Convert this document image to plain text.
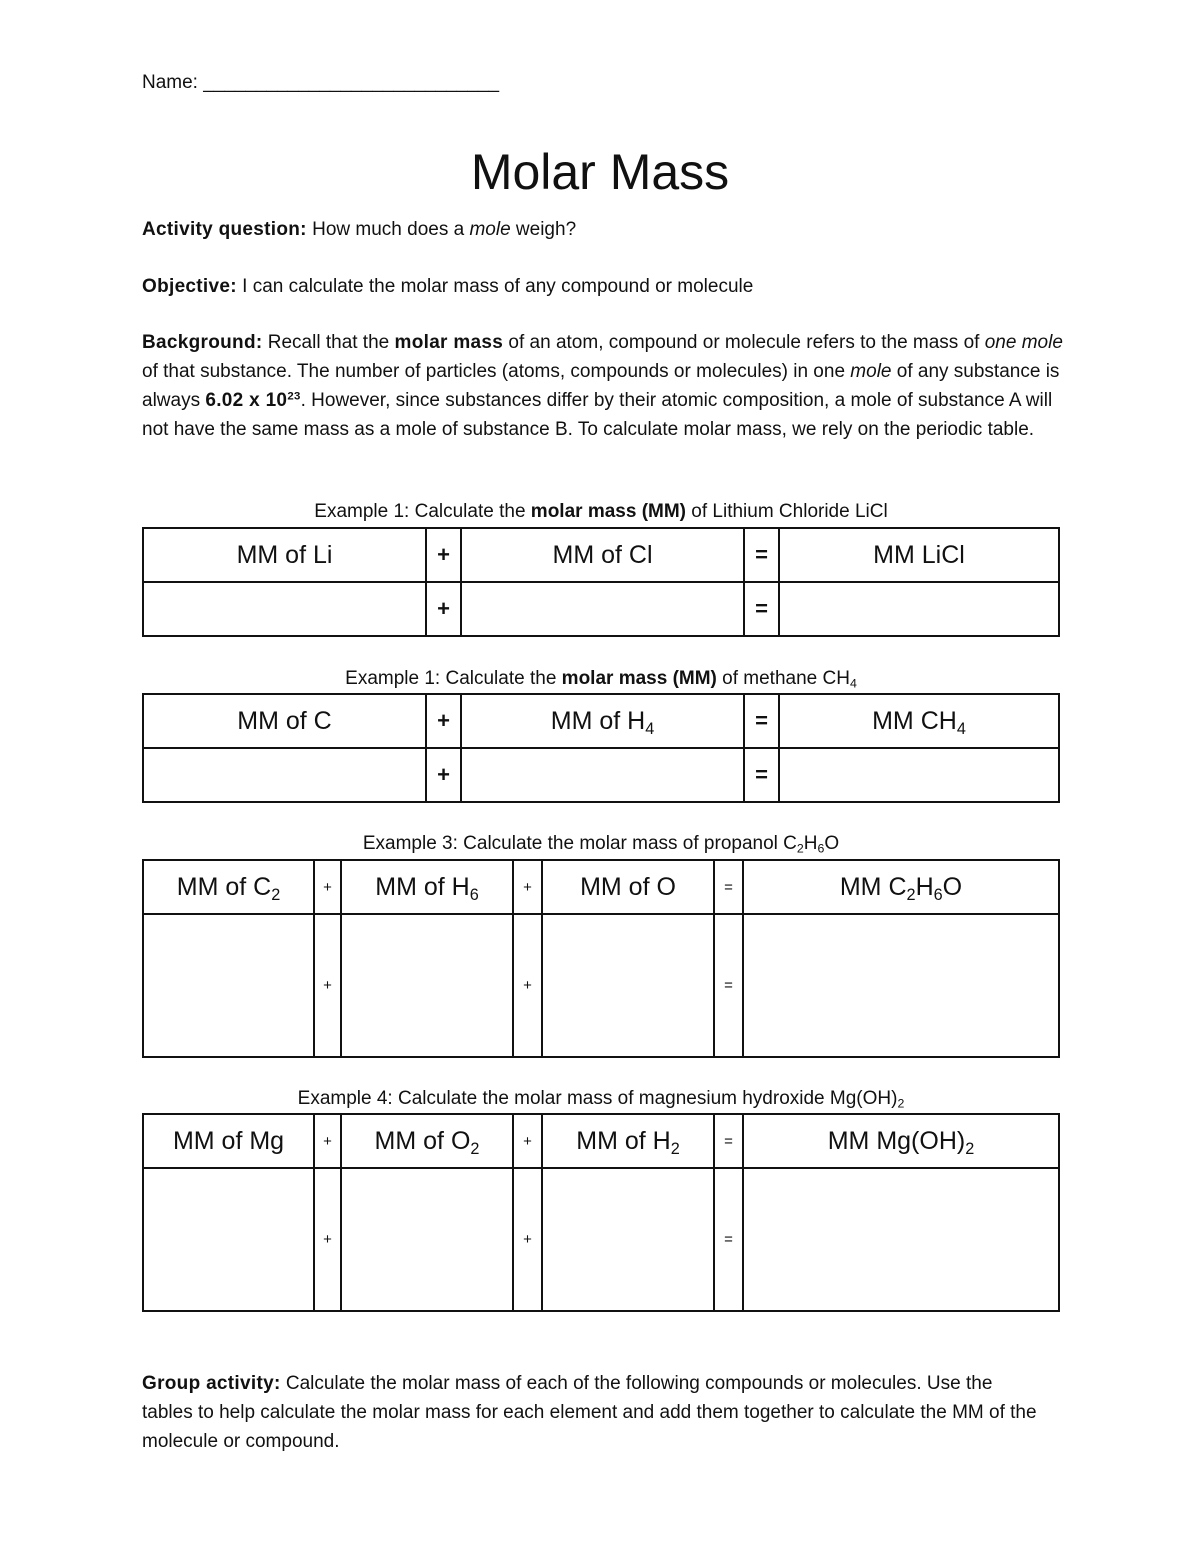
Name: ____________________________
Molar Mass
Activity question: How much does a mole weigh?
Objective: I can calculate the molar mass of any compound or molecule
Background: Recall that the molar mass of an atom, compound or molecule refers to the mass of one mole of that substance. The number of particles (atoms, compounds or molecules) in one mole of any substance is always 6.02 x $10^{23}$. However, since substances differ by their atomic composition, a mole of substance A will not have the same mass as a mole of substance B. To calculate molar mass, we rely on the periodic table.
Example 1: Calculate the molar mass (MM) of Lithium Chloride LiCl
MM of Li	+	MM of Cl	=	MM LiCl
	+		=	
Example 1: Calculate the molar mass (MM) of methane $CH_4$
MM of C	+	MM of $H_4$	=	MM $CH_4$
	+		=	
Example 3: Calculate the molar mass of propanol $C_2H_6O$
MM of $C_2$	+	MM of $H_6$	+	MM of O	=	MM $C_2H_6O$
	+		+		=	
Example 4: Calculate the molar mass of magnesium hydroxide $Mg(OH)_2$
MM of Mg	+	MM of $O_2$	+	MM of $H_2$	=	MM $Mg(OH)_2$
	+		+		=	
Group activity: Calculate the molar mass of each of the following compounds or molecules. Use the tables to help calculate the molar mass for each element and add them together to calculate the MM of the molecule or compound.
